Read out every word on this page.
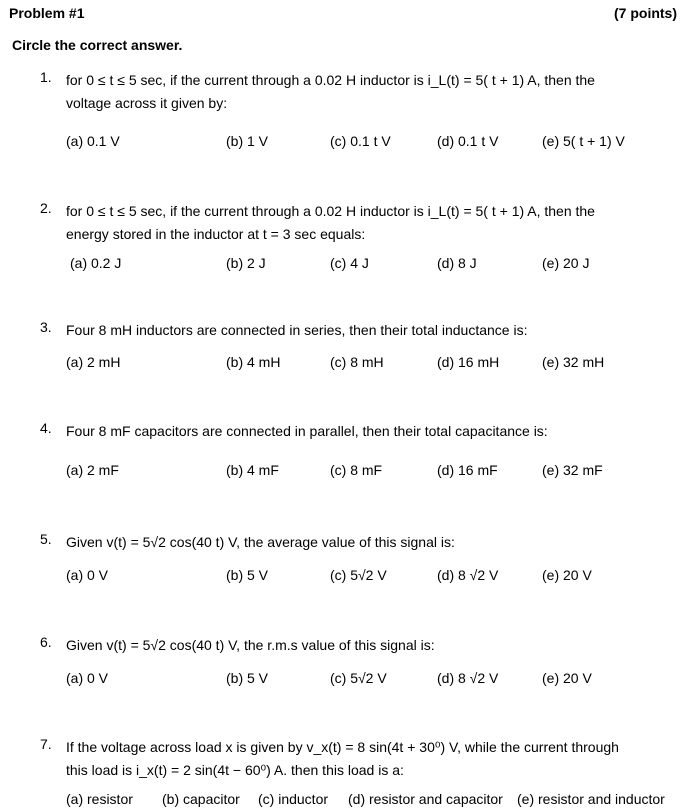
Problem #1	(7 points)
Circle the correct answer.
1. for 0 ≤ t ≤ 5 sec, if the current through a 0.02 H inductor is i_L(t) = 5( t + 1) A, then the
voltage across it given by:
(a) 0.1 V	(b) 1 V	(c) 0.1 t V	(d) 0.1 t V	(e) 5( t + 1) V
2. for 0 ≤ t ≤ 5 sec, if the current through a 0.02 H inductor is i_L(t) = 5( t + 1) A, then the
energy stored in the inductor at t = 3 sec equals:
(a) 0.2 J	(b) 2 J	(c) 4 J	(d) 8 J	(e) 20 J
3. Four 8 mH inductors are connected in series, then their total inductance is:
(a) 2 mH	(b) 4 mH	(c) 8 mH	(d) 16 mH	(e) 32 mH
4. Four 8 mF capacitors are connected in parallel, then their total capacitance is:
(a) 2 mF	(b) 4 mF	(c) 8 mF	(d) 16 mF	(e) 32 mF
5. Given v(t) = 5√2 cos(40 t) V, the average value of this signal is:
(a) 0 V	(b) 5 V	(c) 5√2 V	(d) 8 √2 V	(e) 20 V
6. Given v(t) = 5√2 cos(40 t) V, the r.m.s value of this signal is:
(a) 0 V	(b) 5 V	(c) 5√2 V	(d) 8 √2 V	(e) 20 V
7. If the voltage across load x is given by v_x(t) = 8 sin(4t + 30⁰) V, while the current through
this load is i_x(t) = 2 sin(4t − 60⁰) A. then this load is a:
(a) resistor (b) capacitor (c) inductor (d) resistor and capacitor (e) resistor and inductor
